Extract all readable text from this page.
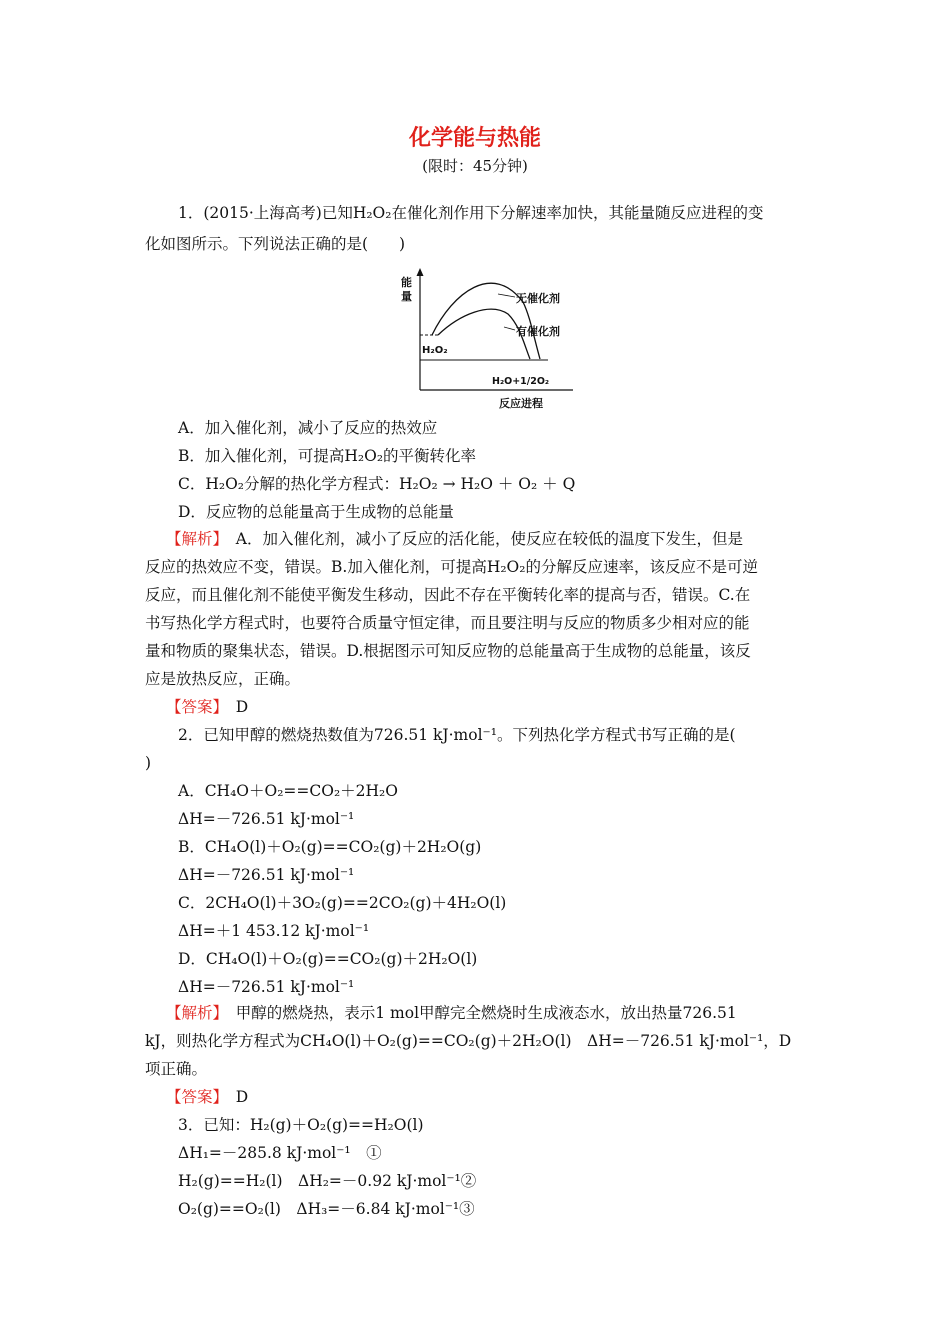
化学能与热能
(限时：45分钟)
1．(2015·上海高考)已知H₂O₂在催化剂作用下分解速率加快，其能量随反应进程的变
化如图所示。下列说法正确的是(　　)
能
量	无催化剂
有催化剂
H₂O₂
H₂O+1/2O₂
反应进程
A．加入催化剂，减小了反应的热效应
B．加入催化剂，可提高H₂O₂的平衡转化率
C．H₂O₂分解的热化学方程式：H₂O₂ → H₂O ＋ O₂ ＋ Q
D．反应物的总能量高于生成物的总能量
【解析】　A．加入催化剂，减小了反应的活化能，使反应在较低的温度下发生，但是
反应的热效应不变，错误。B.加入催化剂，可提高H₂O₂的分解反应速率，该反应不是可逆
反应，而且催化剂不能使平衡发生移动，因此不存在平衡转化率的提高与否，错误。C.在
书写热化学方程式时，也要符合质量守恒定律，而且要注明与反应的物质多少相对应的能
量和物质的聚集状态，错误。D.根据图示可知反应物的总能量高于生成物的总能量，该反
应是放热反应，正确。
【答案】　D
2．已知甲醇的燃烧热数值为726.51 kJ·mol⁻¹。下列热化学方程式书写正确的是(
)
A．CH₄O＋O₂==CO₂＋2H₂O
ΔH=－726.51 kJ·mol⁻¹
B．CH₄O(l)＋O₂(g)==CO₂(g)＋2H₂O(g)
ΔH=－726.51 kJ·mol⁻¹
C．2CH₄O(l)＋3O₂(g)==2CO₂(g)＋4H₂O(l)
ΔH=＋1 453.12 kJ·mol⁻¹
D．CH₄O(l)＋O₂(g)==CO₂(g)＋2H₂O(l)
ΔH=－726.51 kJ·mol⁻¹
【解析】　甲醇的燃烧热，表示1 mol甲醇完全燃烧时生成液态水，放出热量726.51
kJ，则热化学方程式为CH₄O(l)＋O₂(g)==CO₂(g)＋2H₂O(l)　ΔH=－726.51 kJ·mol⁻¹，D
项正确。
【答案】　D
3．已知：H₂(g)＋O₂(g)==H₂O(l)
ΔH₁=－285.8 kJ·mol⁻¹　①
H₂(g)==H₂(l)　ΔH₂=－0.92 kJ·mol⁻¹②
O₂(g)==O₂(l)　ΔH₃=－6.84 kJ·mol⁻¹③
